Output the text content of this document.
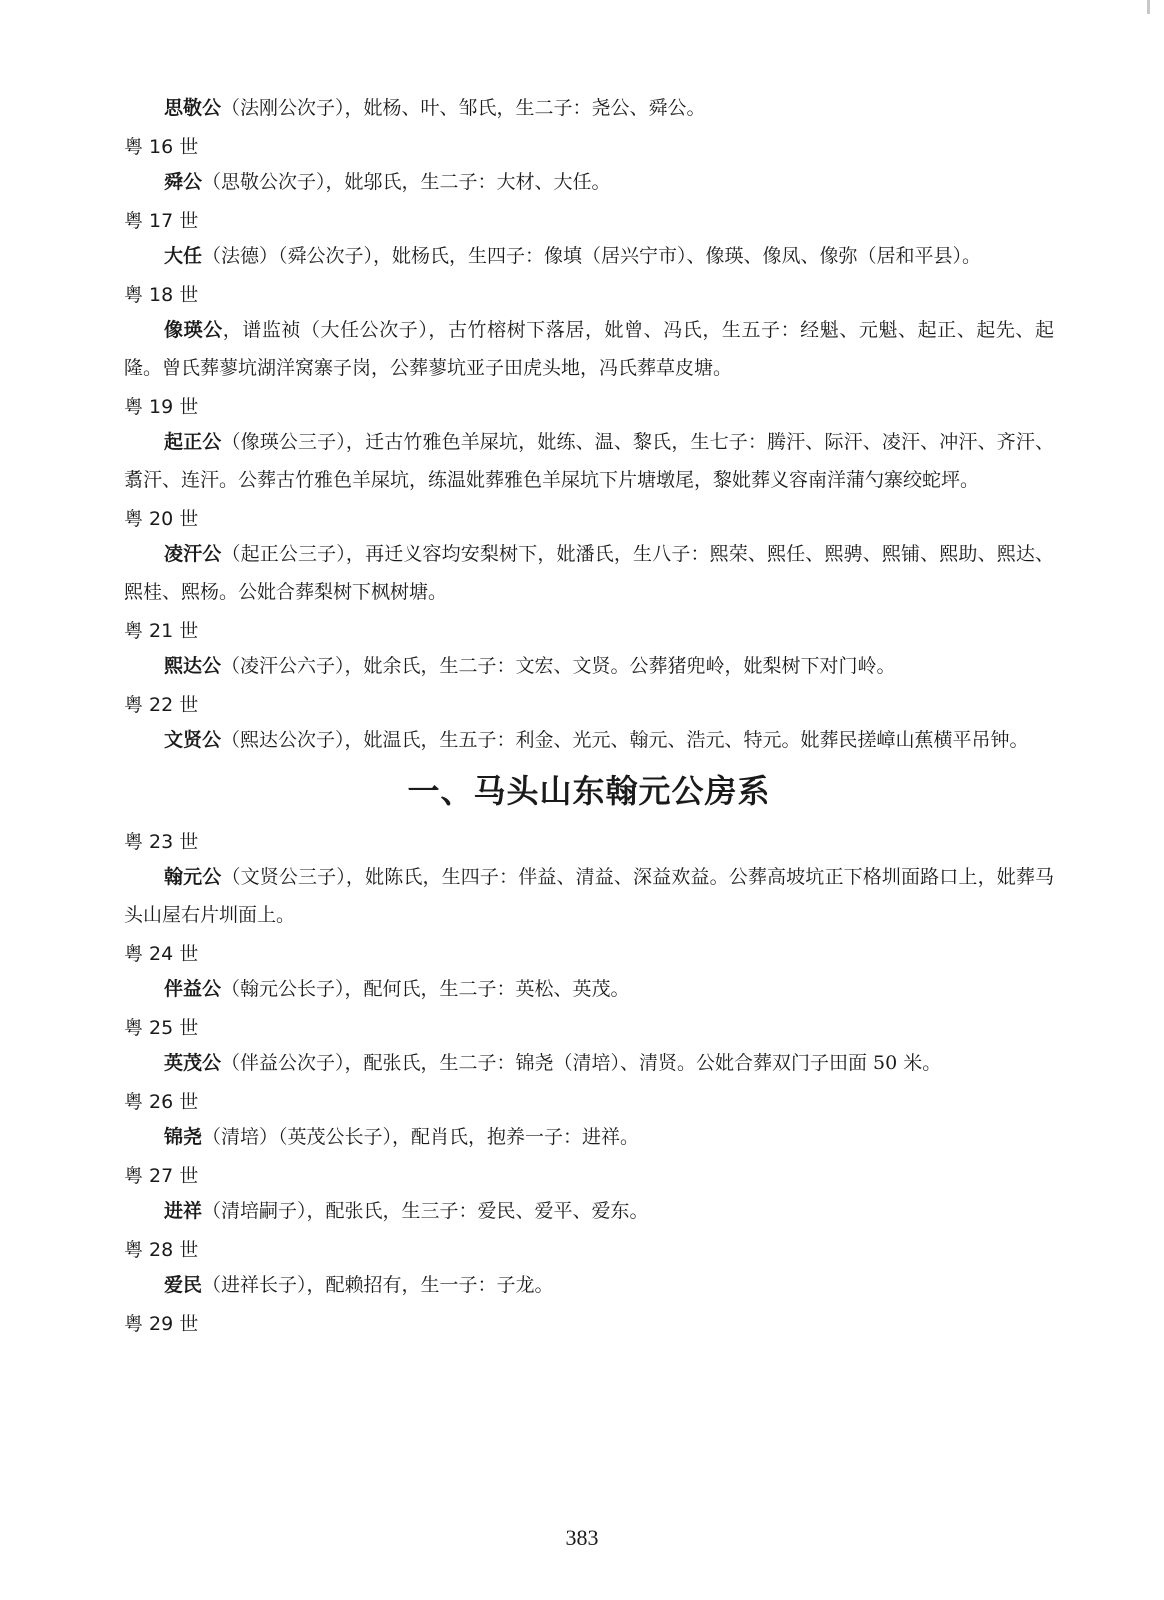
思敬公（法刚公次子），妣杨、叶、邹氏，生二子：尧公、舜公。

粤 16 世

舜公（思敬公次子），妣邬氏，生二子：大材、大任。

粤 17 世

大任（法德）（舜公次子），妣杨氏，生四子：像填（居兴宁市）、像瑛、像凤、像弥（居和平县）。

粤 18 世

像瑛公，谱监祯（大任公次子），古竹榕树下落居，妣曾、冯氏，生五子：经魁、元魁、起正、起先、起隆。曾氏葬蓼坑湖洋窝寨子岗，公葬蓼坑亚子田虎头地，冯氏葬草皮塘。

粤 19 世

起正公（像瑛公三子），迁古竹雅色羊屎坑，妣练、温、黎氏，生七子：腾汗、际汗、凌汗、冲汗、齐汗、翥汗、连汗。公葬古竹雅色羊屎坑，练温妣葬雅色羊屎坑下片塘墩尾，黎妣葬义容南洋蒲勺寨绞蛇坪。

粤 20 世

凌汗公（起正公三子），再迁义容均安梨树下，妣潘氏，生八子：熙荣、熙任、熙骋、熙铺、熙助、熙达、熙桂、熙杨。公妣合葬梨树下枫树塘。

粤 21 世

熙达公（凌汗公六子），妣余氏，生二子：文宏、文贤。公葬猪兜岭，妣梨树下对门岭。

粤 22 世

文贤公（熙达公次子），妣温氏，生五子：利金、光元、翰元、浩元、特元。妣葬民搓嶂山蕉横平吊钟。

一、马头山东翰元公房系
粤 23 世

翰元公（文贤公三子），妣陈氏，生四子：伴益、清益、深益欢益。公葬高坡坑正下格圳面路口上，妣葬马头山屋右片圳面上。

粤 24 世

伴益公（翰元公长子），配何氏，生二子：英松、英茂。

粤 25 世

英茂公（伴益公次子），配张氏，生二子：锦尧（清培）、清贤。公妣合葬双门子田面 50 米。

粤 26 世

锦尧（清培）（英茂公长子），配肖氏，抱养一子：进祥。

粤 27 世

进祥（清培嗣子），配张氏，生三子：爱民、爱平、爱东。

粤 28 世

爱民（进祥长子），配赖招有，生一子：子龙。

粤 29 世
383
